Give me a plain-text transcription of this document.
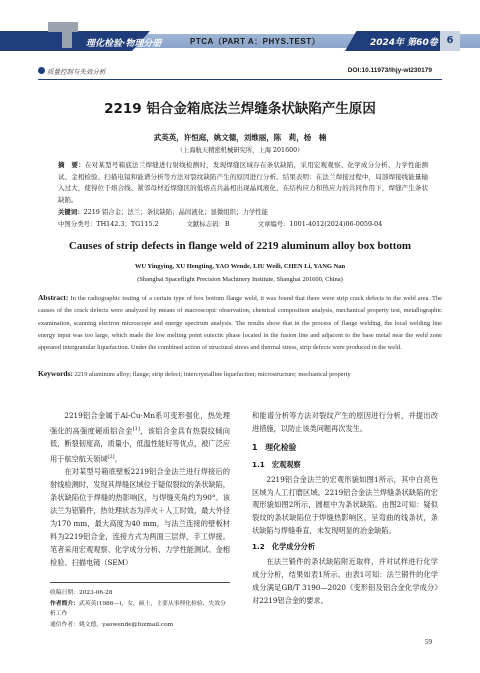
理化检验·物理分册	PTCA（PART A：PHYS.TEST）	2024年 第60卷 6
质量控制与失效分析	DOI:10.11973/lhjy-wl230179
2219 铝合金箱底法兰焊缝条状缺陷产生原因
武英英，许恒庭，姚文德，刘维丽，陈　莉，杨　楠
（上海航天精密机械研究所，上海 201600）
摘　要：在对某型号箱底法兰焊缝进行射线检测时，发现焊缝区域存在条状缺陷，采用宏观观察、化学成分分析、力学性能测试、金相检验、扫描电镜和能谱分析等方法对裂纹缺陷产生的原因进行分析。结果表明：在法兰焊接过程中，局部焊接线能量输入过大，使得位于熔合线、紧邻母材近焊缝区的低熔点共晶相出现晶间液化，在结构应力和热应力的共同作用下，焊缝产生条状缺陷。
关键词：2219 铝合金；法兰；条状缺陷；晶间液化；显微组织；力学性能
中图分类号：TH142.3；TG115.2	文献标志码：B	文章编号：1001-4012(2024)06-0059-04
Causes of strip defects in flange weld of 2219 aluminum alloy box bottom
WU Yingying, XU Hengting, YAO Wende, LIU Weili, CHEN Li, YANG Nan
(Shanghai Spaceflight Precision Machinery Institute, Shanghai 201600, China)
Abstract: In the radiographic testing of a certain type of box bottom flange weld, it was found that there were strip crack defects in the weld area. The causes of the crack defects were analyzed by means of macroscopic observation, chemical composition analysis, mechanical property test, metallographic examination, scanning electron microscope and energy spectrum analysis. The results show that in the process of flange welding, the local welding line energy input was too large, which made the low melting point eutectic phase located in the fusion line and adjacent to the base metal near the weld zone appeared intergranular liquefaction. Under the combined action of structural stress and thermal stress, strip defects were produced in the weld.
Keywords: 2219 aluminum alloy; flange; strip defect; intercrystalline liquefaction; microstructure; mechanical property

2219铝合金属于Al-Cu-Mn系可变形强化，热处理强化的高强度硬质铝合金[1]，该铝合金具有热裂纹倾向低，断裂韧度高，质量小，低温性能好等优点，被广泛应用于航空航天领域[2]。

在对某型号箱底壁板2219铝合金法兰进行焊接后的射线检测时，发现其焊缝区域位于疑似裂纹的条状缺陷，条状缺陷位于焊缝的热影响区，与焊缝夹角约为90°。该法兰为铝锻件，热处理状态为淬火＋人工时效，最大外径为170 mm，最大高度为40 mm，与法兰连接的壁板材料为2219铝合金，连接方式为两面三层焊，手工焊接。笔者采用宏观观察、化学成分分析、力学性能测试、金相检验、扫描电镜（SEM）

和能谱分析等方法对裂纹产生的原因进行分析，并提出改进措施，以防止该类问题再次发生。

1　理化检验
1.1　宏观观察

2219铝合金法兰的宏观形貌如图1所示，其中白亮色区域为人工打磨区域。2219铝合金法兰焊缝条状缺陷的宏观形貌如图2所示，圆框中为条状缺陷。由图2可知：疑似裂纹的条状缺陷位于焊缝热影响区，呈弯曲的线条状，条状缺陷与焊缝垂直，未发现明显的冶金缺陷。

1.2　化学成分分析

在法兰锻件的条状缺陷附近取样，并对试样进行化学成分分析，结果如表1所示。由表1可知：法兰锻件的化学成分满足GB/T 3190—2020《变形铝及铝合金化学成分》对2219铝合金的要求。

收稿日期：2023-06-28
作者简介：武英英(1986—)，女，硕士，主要从事理化检验、失效分析工作
通信作者：姚文德，yaowende@foxmail.com
59
